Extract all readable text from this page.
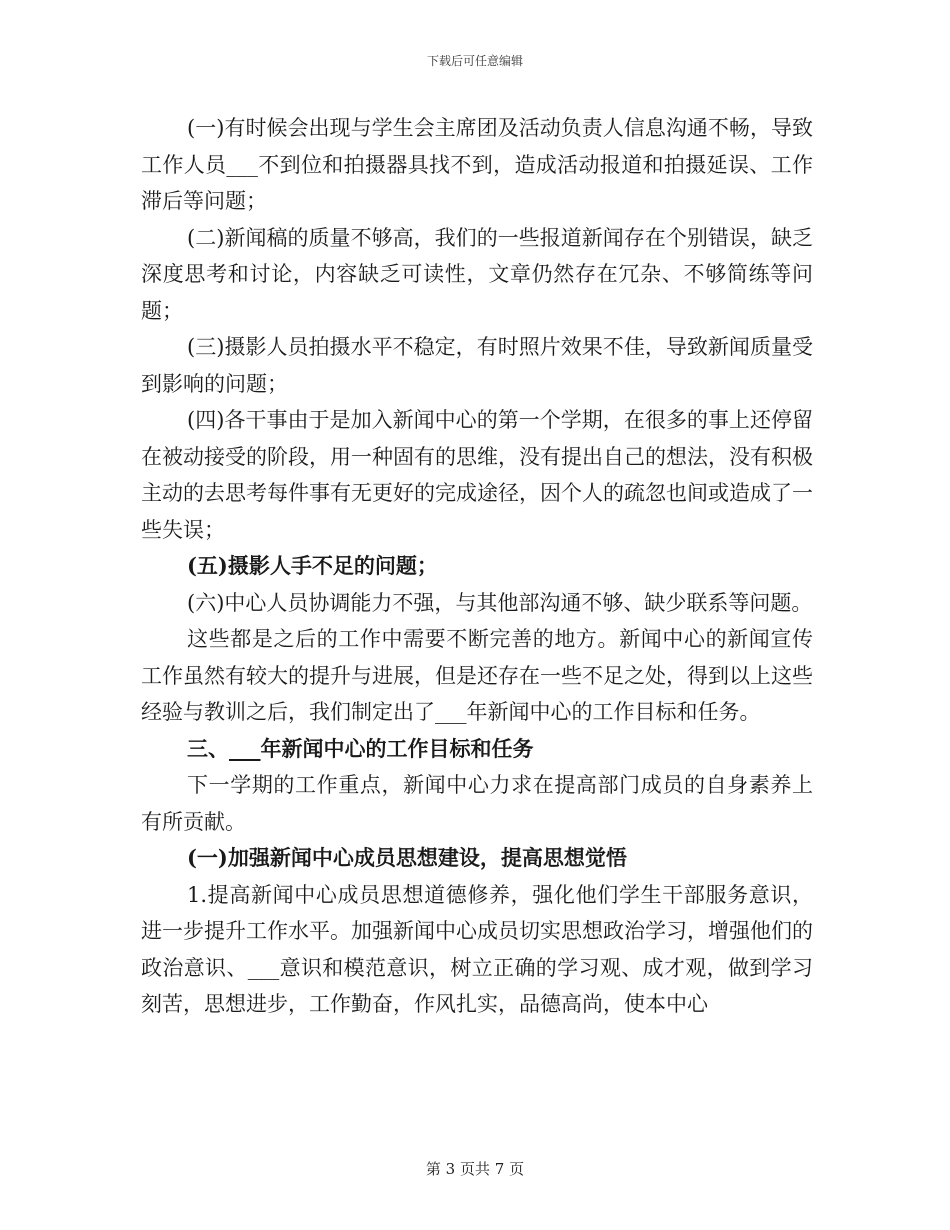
下载后可任意编辑

(一)有时候会出现与学生会主席团及活动负责人信息沟通不畅，导致工作人员___不到位和拍摄器具找不到，造成活动报道和拍摄延误、工作滞后等问题；

(二)新闻稿的质量不够高，我们的一些报道新闻存在个别错误，缺乏深度思考和讨论，内容缺乏可读性，文章仍然存在冗杂、不够简练等问题；

(三)摄影人员拍摄水平不稳定，有时照片效果不佳，导致新闻质量受到影响的问题；

(四)各干事由于是加入新闻中心的第一个学期，在很多的事上还停留在被动接受的阶段，用一种固有的思维，没有提出自己的想法，没有积极主动的去思考每件事有无更好的完成途径，因个人的疏忽也间或造成了一些失误；

(五)摄影人手不足的问题；

(六)中心人员协调能力不强，与其他部沟通不够、缺少联系等问题。

这些都是之后的工作中需要不断完善的地方。新闻中心的新闻宣传工作虽然有较大的提升与进展，但是还存在一些不足之处，得到以上这些经验与教训之后，我们制定出了___年新闻中心的工作目标和任务。

三、___年新闻中心的工作目标和任务

下一学期的工作重点，新闻中心力求在提高部门成员的自身素养上有所贡献。

(一)加强新闻中心成员思想建设，提高思想觉悟

1.提高新闻中心成员思想道德修养，强化他们学生干部服务意识，进一步提升工作水平。加强新闻中心成员切实思想政治学习，增强他们的政治意识、___意识和模范意识，树立正确的学习观、成才观，做到学习刻苦，思想进步，工作勤奋，作风扎实，品德高尚，使本中心

第 3 页共 7 页
